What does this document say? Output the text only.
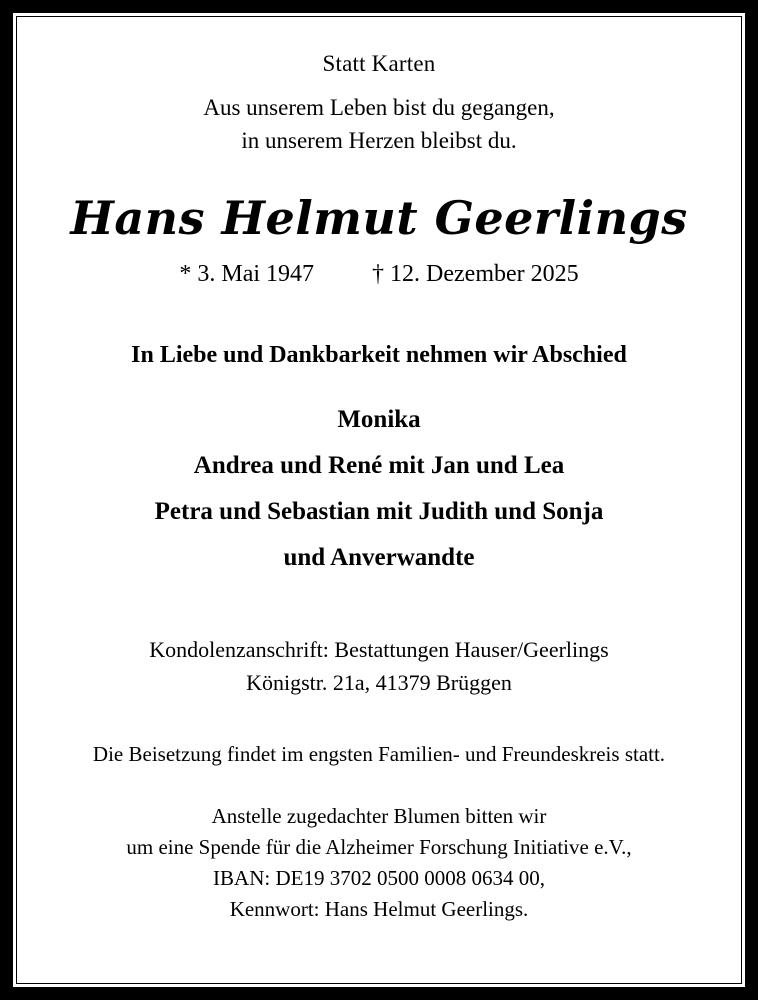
Statt Karten
Aus unserem Leben bist du gegangen,
in unserem Herzen bleibst du.
Hans Helmut Geerlings
* 3. Mai 1947 † 12. Dezember 2025
In Liebe und Dankbarkeit nehmen wir Abschied
Monika
Andrea und René mit Jan und Lea
Petra und Sebastian mit Judith und Sonja
und Anverwandte
Kondolenzanschrift: Bestattungen Hauser/Geerlings
Königstr. 21a, 41379 Brüggen
Die Beisetzung findet im engsten Familien- und Freundeskreis statt.
Anstelle zugedachter Blumen bitten wir
um eine Spende für die Alzheimer Forschung Initiative e.V.,
IBAN: DE19 3702 0500 0008 0634 00,
Kennwort: Hans Helmut Geerlings.
